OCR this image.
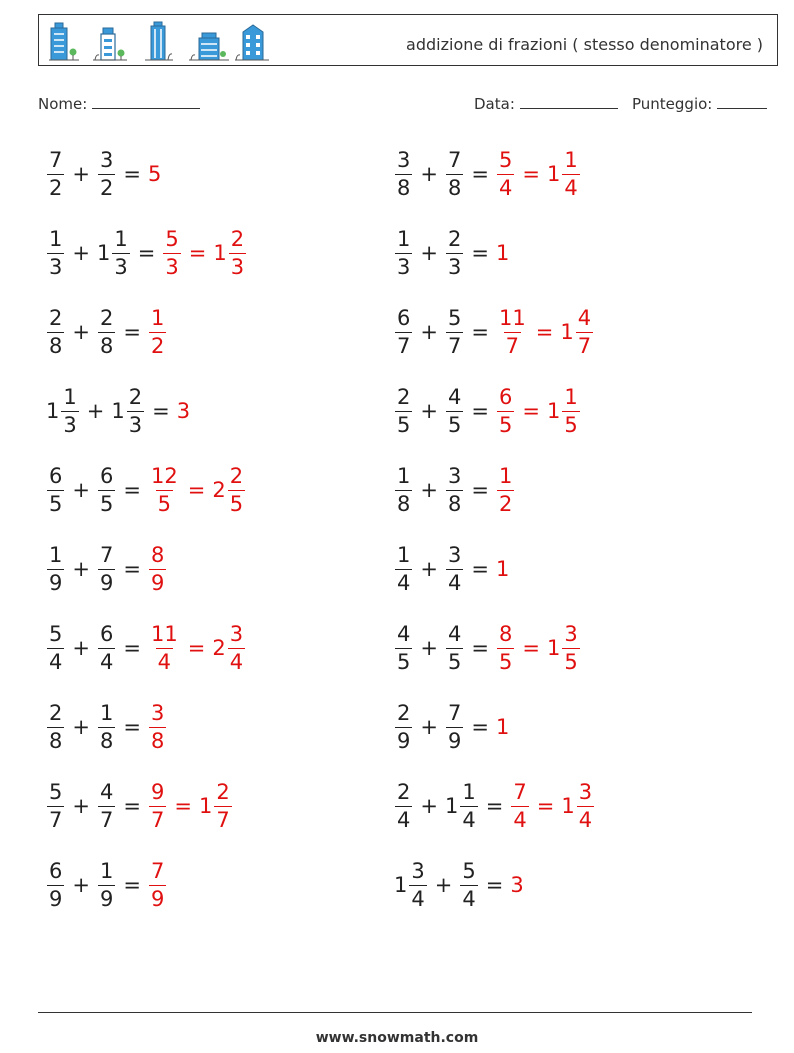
addizione di frazioni ( stesso denominatore )
Nome:	Data:	Punteggio:
$\frac{7}{2} + \frac{3}{2} = 5$	$\frac{3}{8} + \frac{7}{8} = \frac{5}{4} = 1 \frac{1}{4}$
$\frac{1}{3} + 1 \frac{1}{3} = \frac{5}{3} = 1 \frac{2}{3}$	$\frac{1}{3} + \frac{2}{3} = 1$
$\frac{2}{8} + \frac{2}{8} = \frac{1}{2}$	$\frac{6}{7} + \frac{5}{7} = \frac{11}{7} = 1 \frac{4}{7}$
$1 \frac{1}{3} + 1 \frac{2}{3} = 3$	$\frac{2}{5} + \frac{4}{5} = \frac{6}{5} = 1 \frac{1}{5}$
$\frac{6}{5} + \frac{6}{5} = \frac{12}{5} = 2 \frac{2}{5}$	$\frac{1}{8} + \frac{3}{8} = \frac{1}{2}$
$\frac{1}{9} + \frac{7}{9} = \frac{8}{9}$	$\frac{1}{4} + \frac{3}{4} = 1$
$\frac{5}{4} + \frac{6}{4} = \frac{11}{4} = 2 \frac{3}{4}$	$\frac{4}{5} + \frac{4}{5} = \frac{8}{5} = 1 \frac{3}{5}$
$\frac{2}{8} + \frac{1}{8} = \frac{3}{8}$	$\frac{2}{9} + \frac{7}{9} = 1$
$\frac{5}{7} + \frac{4}{7} = \frac{9}{7} = 1 \frac{2}{7}$	$\frac{2}{4} + 1 \frac{1}{4} = \frac{7}{4} = 1 \frac{3}{4}$
$\frac{6}{9} + \frac{1}{9} = \frac{7}{9}$	$1 \frac{3}{4} + \frac{5}{4} = 3$
www.snowmath.com
